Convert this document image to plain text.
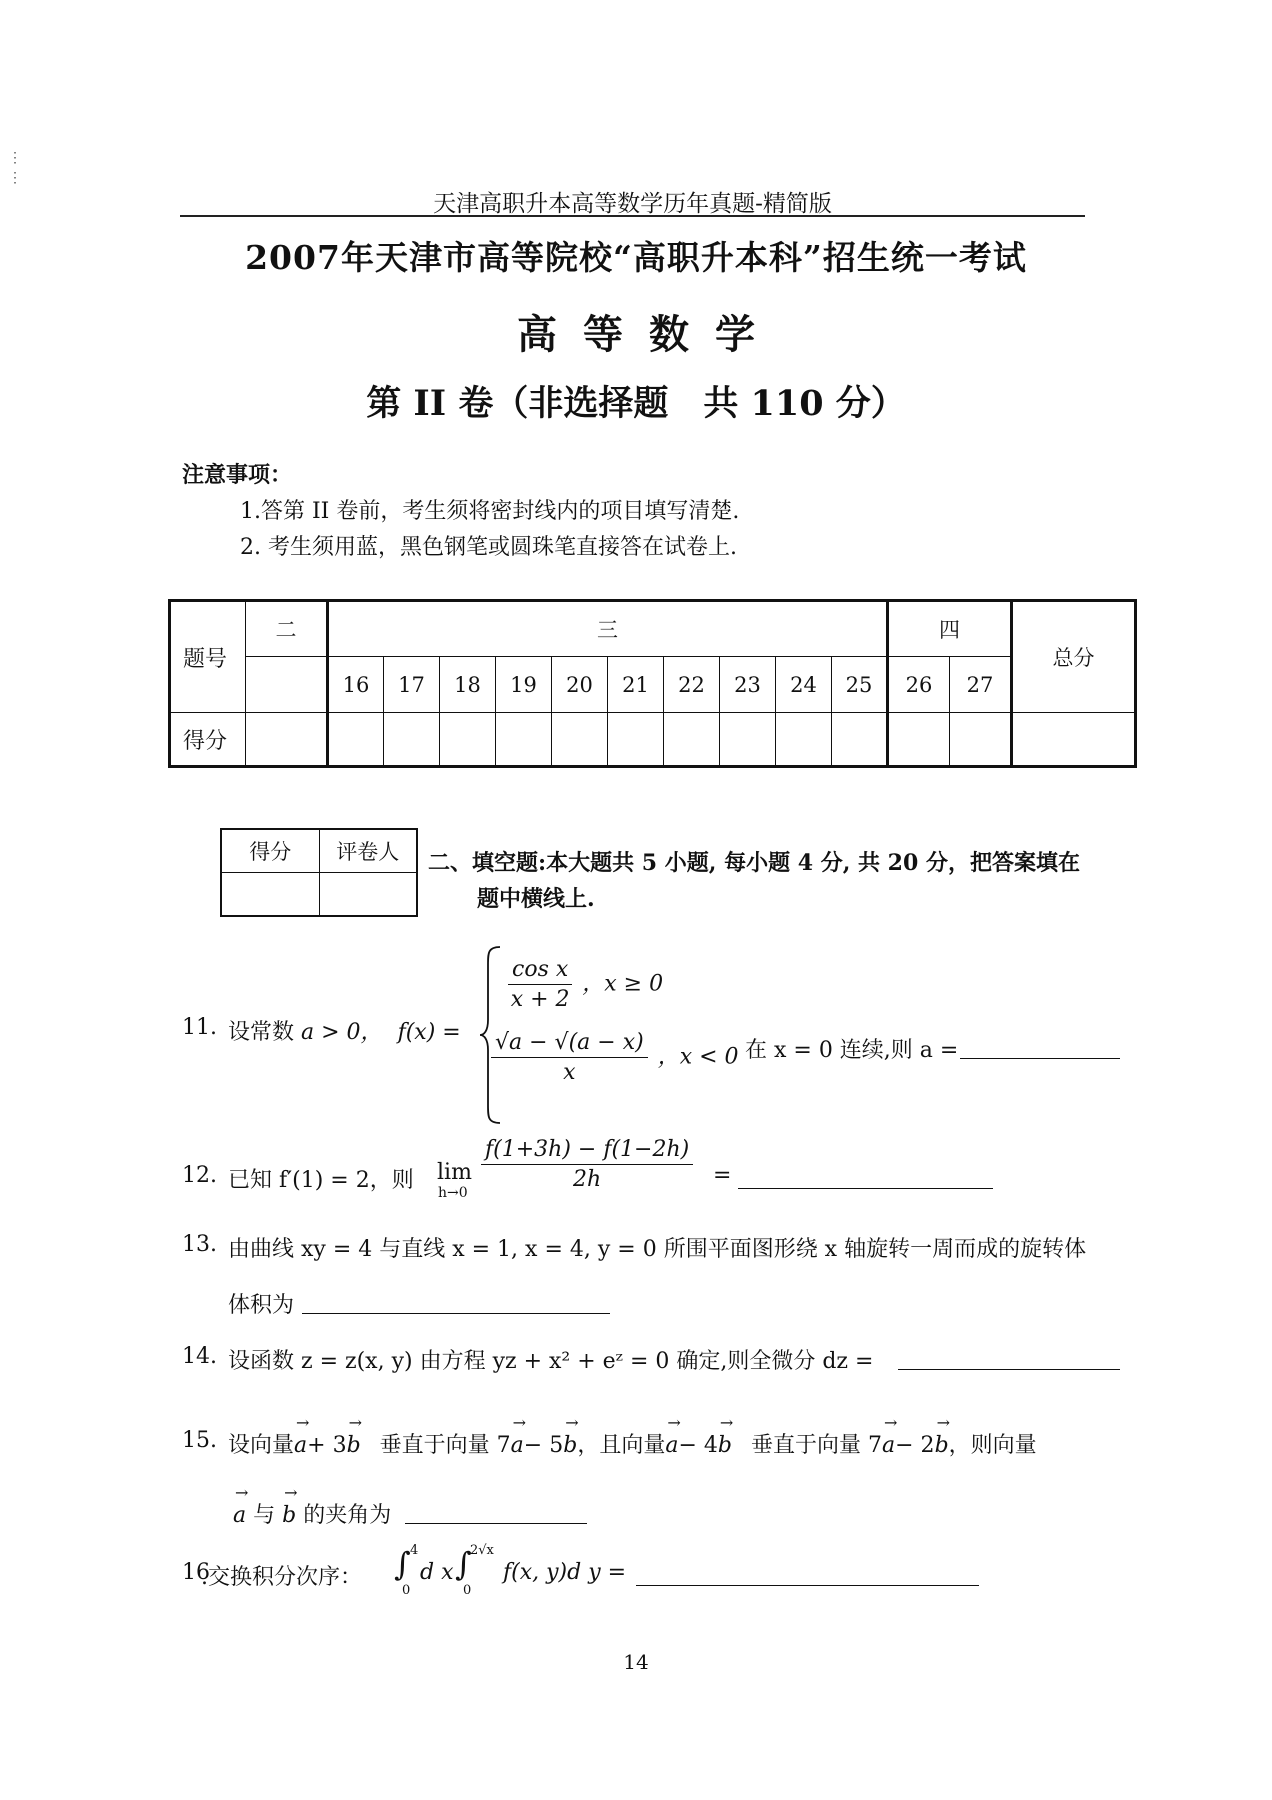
⋮
⋮
天津高职升本高等数学历年真题-精简版
2007年天津市高等院校“高职升本科”招生统一考试
高等数学
第 II 卷（非选择题　共 110 分）
注意事项：
1.答第 II 卷前，考生须将密封线内的项目填写清楚.
2. 考生须用蓝，黑色钢笔或圆珠笔直接答在试卷上.
题号	二	三										四		总分
		16	17	18	19	20	21	22	23	24	25	26	27	
得分														
得分	评卷人
	二、填空题:本大题共 5 小题, 每小题 4 分, 共 20 分，把答案填在
题中横线上.
11. 设常数 a > 0， f(x) =
$\frac{\text{cos x}}{x + 2}$ ，x ≥ 0
$\frac{√a - √(a - x)}{x}$ ，x < 0 在 x = 0 连续,则 a =
12. 已知 f′(1) = 2，则 lim
h→0
$\frac{f(1+3h) - f(1-2h)}{2h}$ =
13. 由曲线 xy = 4 与直线 x = 1, x = 4, y = 0 所围平面图形绕 x 轴旋转一周而成的旋转体
体积为
14. 设函数 z = z(x, y) 由方程 yz + x² + eᶻ = 0 确定,则全微分 dz =
15. 设向量→ a+ 3→ b 垂直于向量 7→ a− 5→ b，且向量→ a− 4→ b 垂直于向量 7→ a− 2→ b，则向量
→ a 与 → b 的夹角为
16
.交换积分次序： ∫ 4
0
d x ∫
2√x
0
f(x, y)d y =
14
